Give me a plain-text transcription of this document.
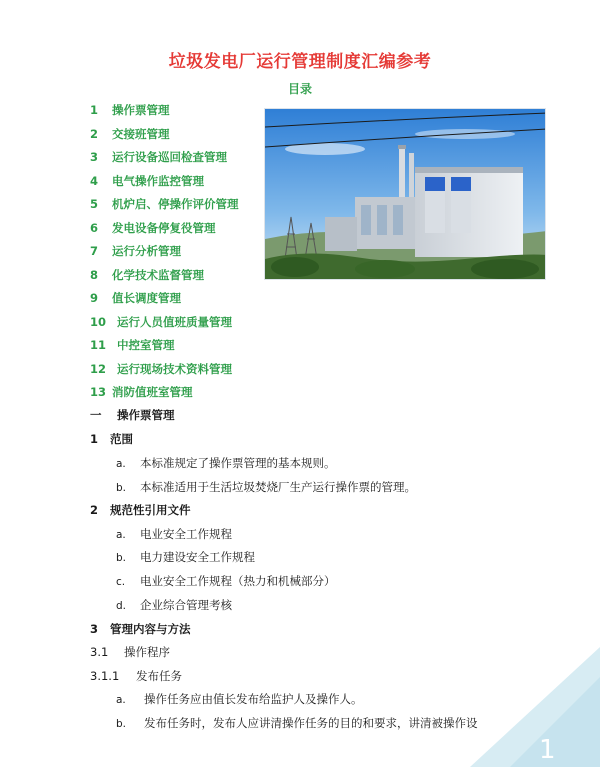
垃圾发电厂运行管理制度汇编参考
目录
1 操作票管理
2 交接班管理
3 运行设备巡回检查管理
4 电气操作监控管理
5 机炉启、停操作评价管理
6 发电设备停复役管理
7 运行分析管理
8 化学技术监督管理
9 值长调度管理
10 运行人员值班质量管理
11 中控室管理
12 运行现场技术资料管理
13 消防值班室管理
一 操作票管理
1 范围
a. 本标准规定了操作票管理的基本规则。
b. 本标准适用于生活垃圾焚烧厂生产运行操作票的管理。
2 规范性引用文件
a. 电业安全工作规程
b. 电力建设安全工作规程
c. 电业安全工作规程（热力和机械部分）
d. 企业综合管理考核
3 管理内容与方法
3.1 操作程序
3.1.1 发布任务
a. 操作任务应由值长发布给监护人及操作人。
b. 发布任务时，发布人应讲清操作任务的目的和要求，讲清被操作设
1
